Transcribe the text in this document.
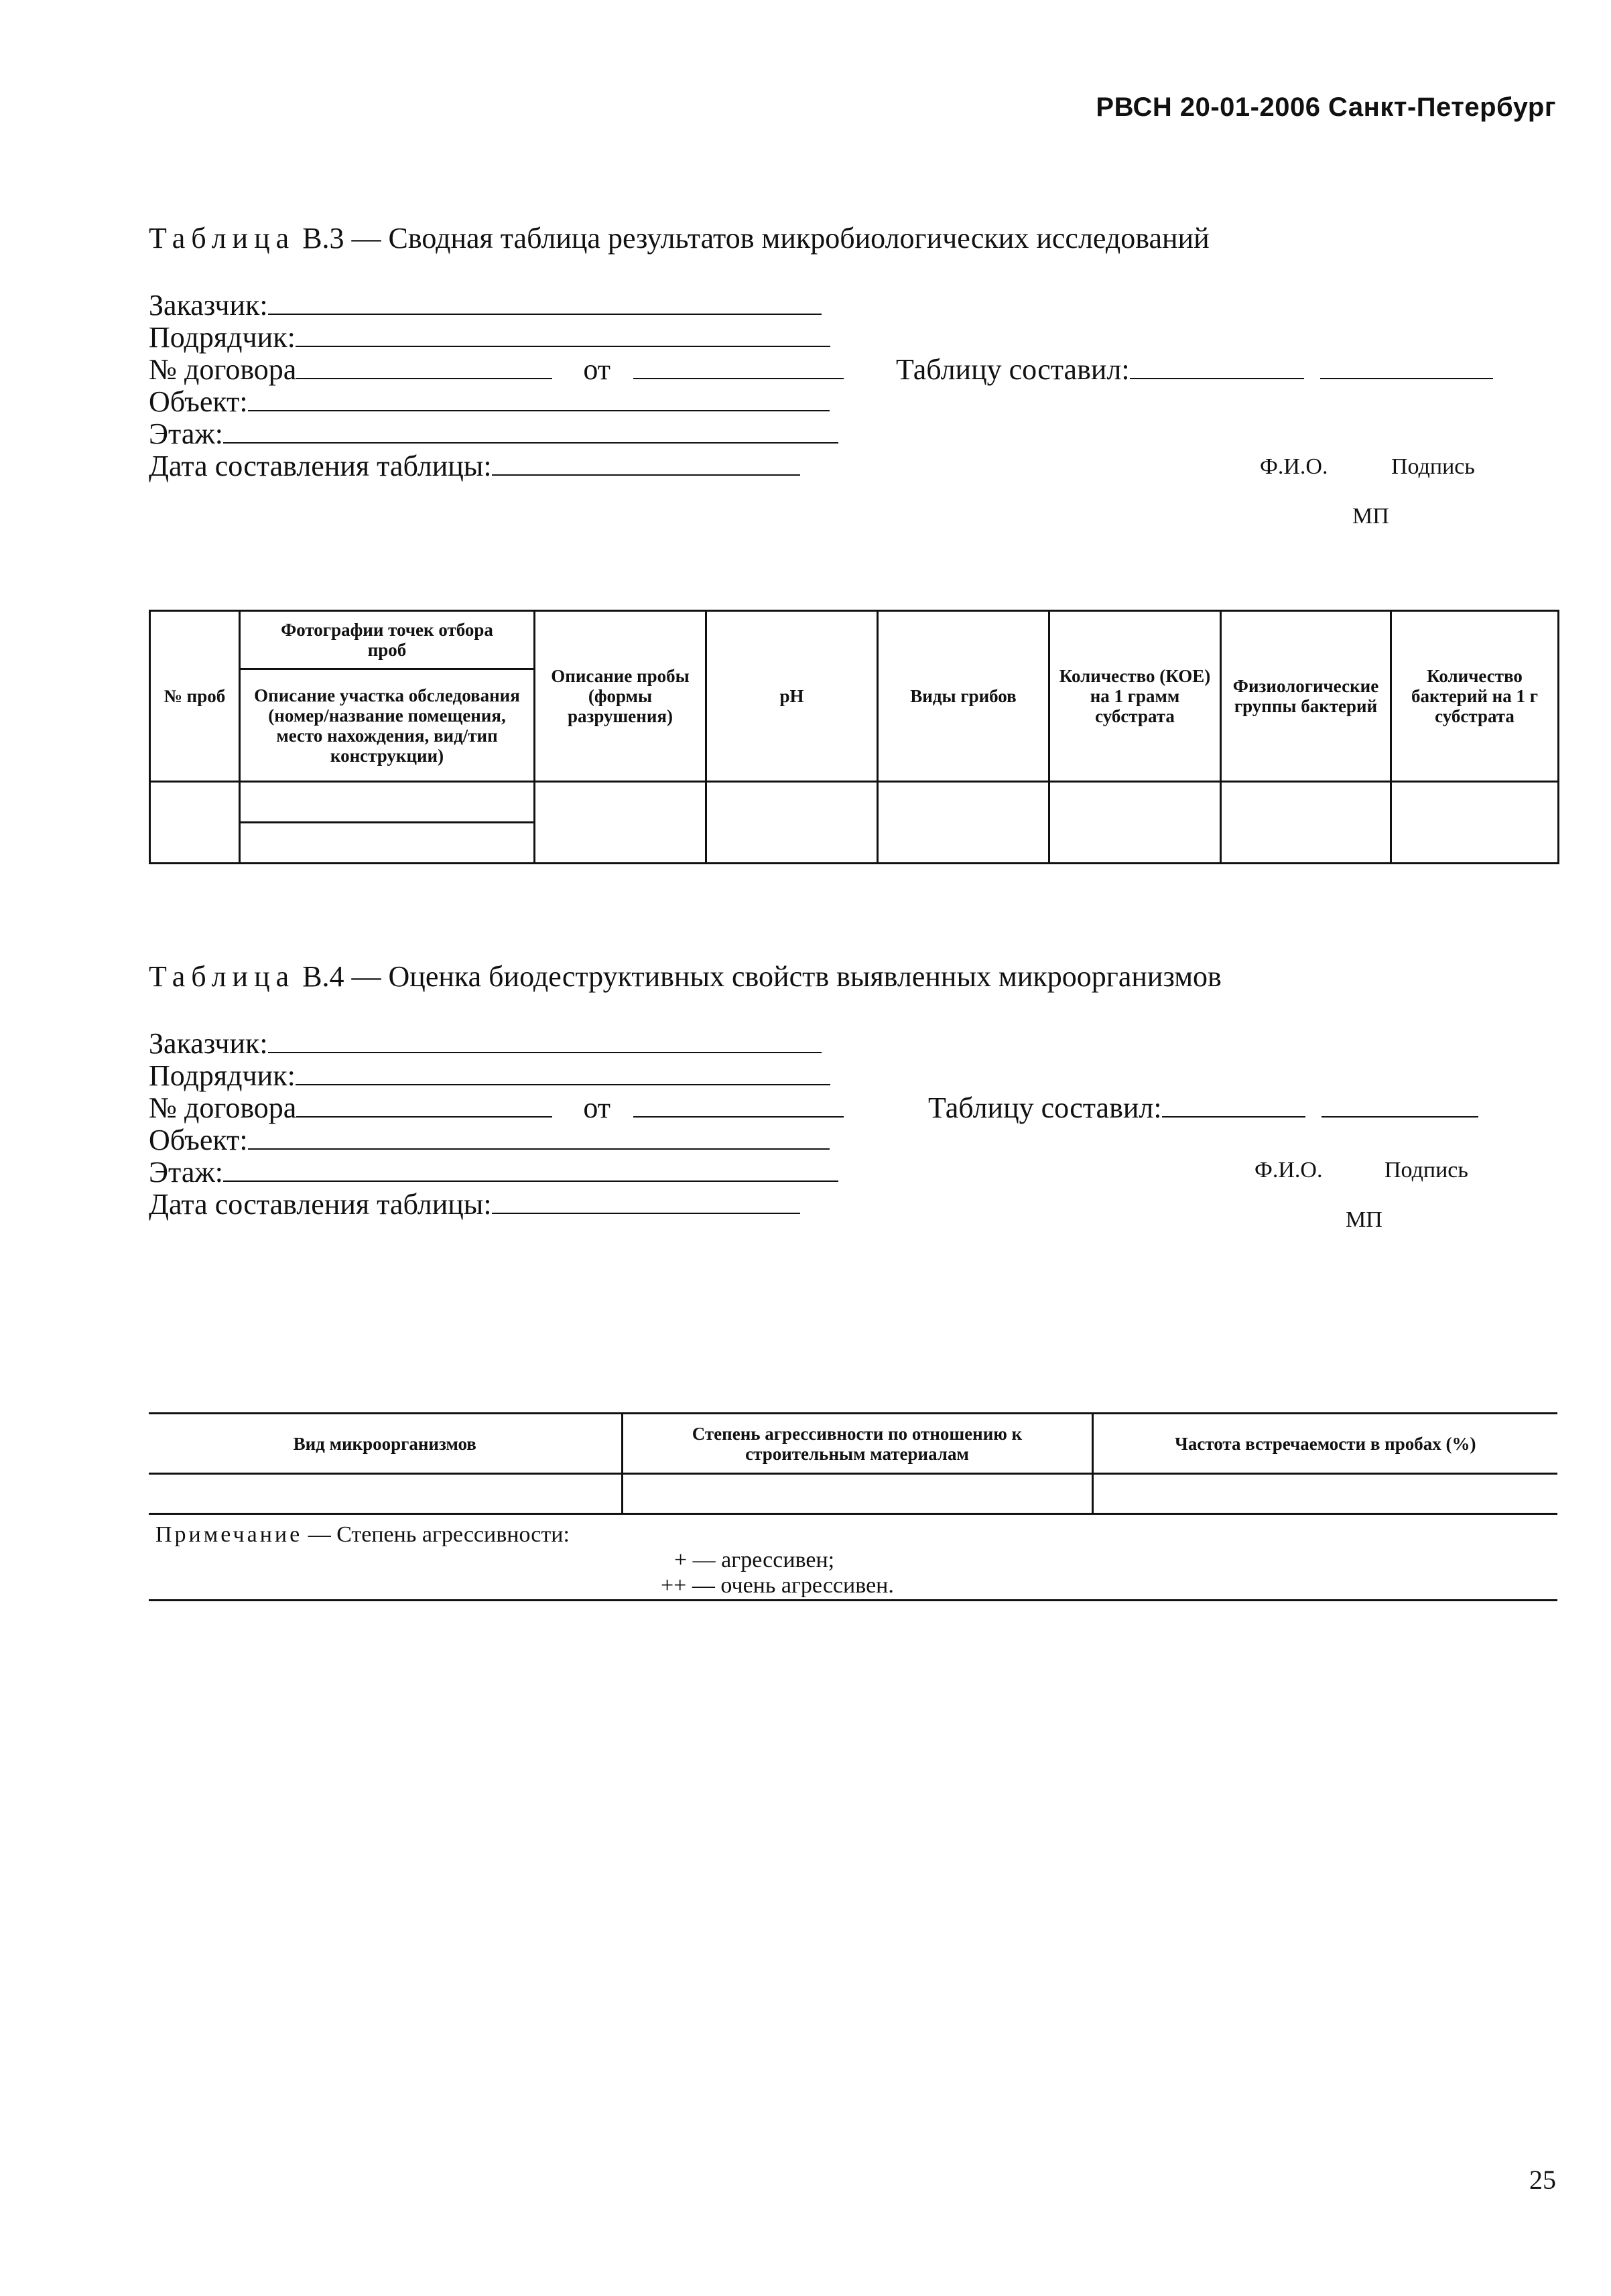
РВСН 20-01-2006 Санкт-Петербург
Таблица В.3 — Сводная таблица результатов микробиологических исследований
Заказчик:
Подрядчик:
№ договора	от	Таблицу составил:
Объект:
Этаж:
Дата составления таблицы:	Ф.И.О.	Подпись
МП
№ проб	Фотографии точек отбора проб
Описание участка обследования (номер/название помещения, место нахождения, вид/тип конструкции)	Описание пробы (формы разрушения)	pH	Виды грибов	Количество (КОЕ) на 1 грамм субстрата	Физиологические группы бактерий	Количество бактерий на 1 г субстрата

Таблица В.4 — Оценка биодеструктивных свойств выявленных микроорганизмов
Заказчик:
Подрядчик:
№ договора	от	Таблицу составил:
Объект:
Этаж:
Дата составления таблицы:
Ф.И.О.	Подпись
МП
Вид микроорганизмов	Степень агрессивности по отношению к строительным материалам	Частота встречаемости в пробах (%)

Примечание — Степень агрессивности:
+ — агрессивен;
++ — очень агрессивен.
25
